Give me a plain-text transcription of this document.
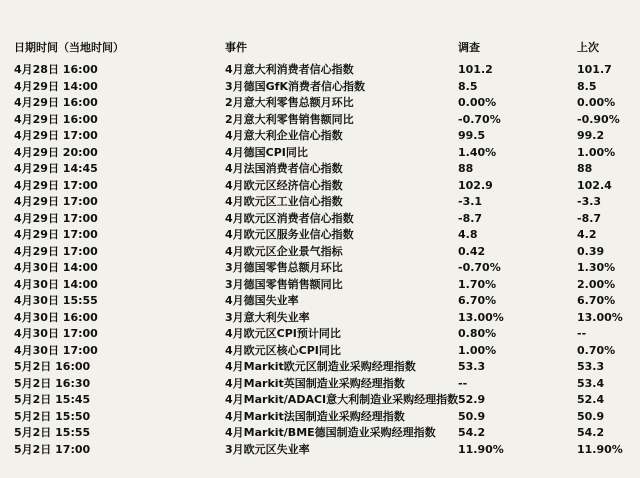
日期时间（当地时间）	事件	调查	上次
4月28日 16:00	4月意大利消费者信心指数	101.2	101.7
4月29日 14:00	3月德国GfK消费者信心指数	8.5	8.5
4月29日 16:00	2月意大利零售总额月环比	0.00%	0.00%
4月29日 16:00	2月意大利零售销售额同比	-0.70%	-0.90%
4月29日 17:00	4月意大利企业信心指数	99.5	99.2
4月29日 20:00	4月德国CPI同比	1.40%	1.00%
4月29日 14:45	4月法国消费者信心指数	88	88
4月29日 17:00	4月欧元区经济信心指数	102.9	102.4
4月29日 17:00	4月欧元区工业信心指数	-3.1	-3.3
4月29日 17:00	4月欧元区消费者信心指数	-8.7	-8.7
4月29日 17:00	4月欧元区服务业信心指数	4.8	4.2
4月29日 17:00	4月欧元区企业景气指标	0.42	0.39
4月30日 14:00	3月德国零售总额月环比	-0.70%	1.30%
4月30日 14:00	3月德国零售销售额同比	1.70%	2.00%
4月30日 15:55	4月德国失业率	6.70%	6.70%
4月30日 16:00	3月意大利失业率	13.00%	13.00%
4月30日 17:00	4月欧元区CPI预计同比	0.80%	--
4月30日 17:00	4月欧元区核心CPI同比	1.00%	0.70%
5月2日 16:00	4月Markit欧元区制造业采购经理指数	53.3	53.3
5月2日 16:30	4月Markit英国制造业采购经理指数	--	53.4
5月2日 15:45	4月Markit/ADACI意大利制造业采购经理指数	52.9	52.4
5月2日 15:50	4月Markit法国制造业采购经理指数	50.9	50.9
5月2日 15:55	4月Markit/BME德国制造业采购经理指数	54.2	54.2
5月2日 17:00	3月欧元区失业率	11.90%	11.90%
